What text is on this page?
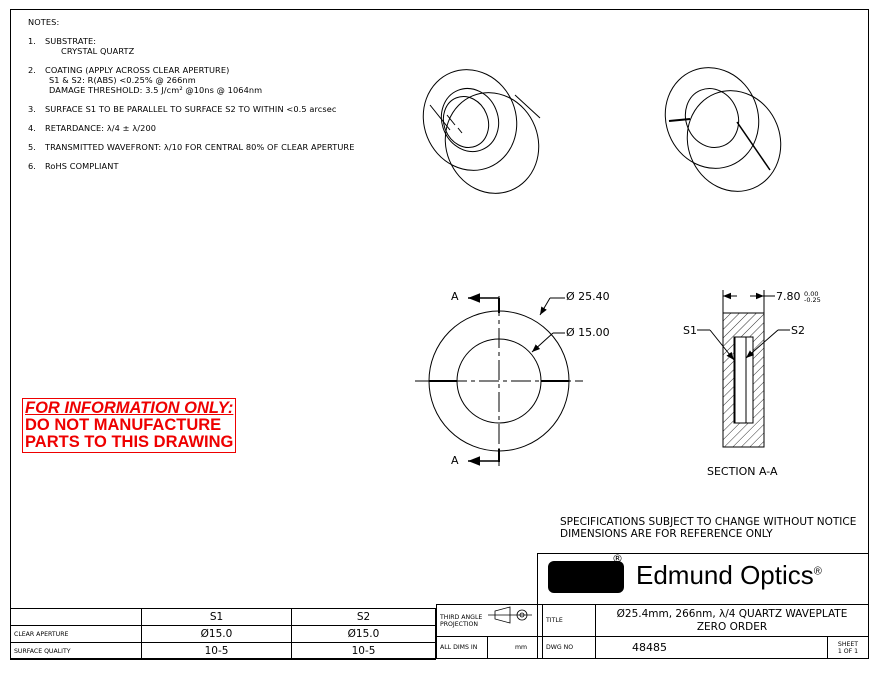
NOTES:
1.	SUBSTRATE:
CRYSTAL QUARTZ
2.	COATING (APPLY ACROSS CLEAR APERTURE)
S1 & S2: R(ABS) <0.25% @ 266nm
DAMAGE THRESHOLD: 3.5 J/cm² @10ns @ 1064nm
3.	SURFACE S1 TO BE PARALLEL TO SURFACE S2 TO WITHIN <0.5 arcsec
4.	RETARDANCE: λ/4 ± λ/200
5.	TRANSMITTED WAVEFRONT: λ/10 FOR CENTRAL 80% OF CLEAR APERTURE
6.	RoHS COMPLIANT
FOR INFORMATION ONLY:
DO NOT MANUFACTURE
PARTS TO THIS DRAWING
A
A
Ø 25.40
Ø 15.00
7.80 0.00
-0.25
S1	S2
SECTION A-A
SPECIFICATIONS SUBJECT TO CHANGE WITHOUT NOTICE
DIMENSIONS ARE FOR REFERENCE ONLY
	S1	S2
CLEAR APERTURE	Ø15.0	Ø15.0
SURFACE QUALITY	10-5	10-5
®
Edmund Optics®
THIRD ANGLE PROJECTION	TITLE	Ø25.4mm, 266nm, λ/4 QUARTZ WAVEPLATE
ZERO ORDER	
ALL DIMS IN mm	DWG NO	48485	SHEET
1 OF 1
